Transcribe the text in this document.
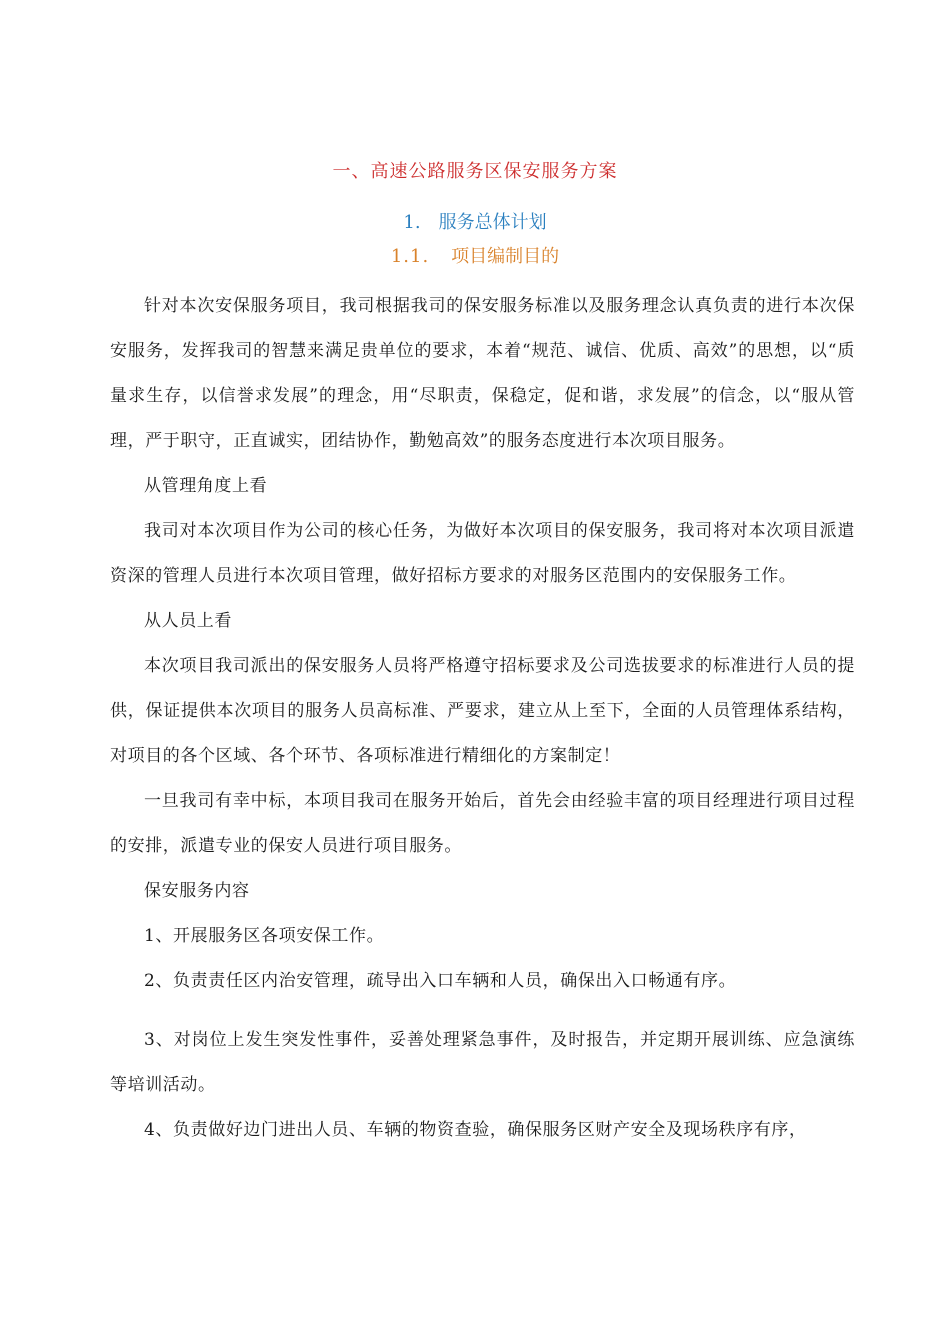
一、高速公路服务区保安服务方案
1. 服务总体计划
1.1. 项目编制目的

针对本次安保服务项目，我司根据我司的保安服务标准以及服务理念认真负责的进行本次保安服务，发挥我司的智慧来满足贵单位的要求，本着“规范、诚信、优质、高效”的思想，以“质量求生存，以信誉求发展”的理念，用“尽职责，保稳定，促和谐，求发展”的信念，以“服从管理，严于职守，正直诚实，团结协作，勤勉高效”的服务态度进行本次项目服务。

从管理角度上看

我司对本次项目作为公司的核心任务，为做好本次项目的保安服务，我司将对本次项目派遣资深的管理人员进行本次项目管理，做好招标方要求的对服务区范围内的安保服务工作。

从人员上看

本次项目我司派出的保安服务人员将严格遵守招标要求及公司选拔要求的标准进行人员的提供，保证提供本次项目的服务人员高标准、严要求，建立从上至下，全面的人员管理体系结构，对项目的各个区域、各个环节、各项标准进行精细化的方案制定！

一旦我司有幸中标，本项目我司在服务开始后，首先会由经验丰富的项目经理进行项目过程的安排，派遣专业的保安人员进行项目服务。

保安服务内容

1、开展服务区各项安保工作。

2、负责责任区内治安管理，疏导出入口车辆和人员，确保出入口畅通有序。

3、对岗位上发生突发性事件，妥善处理紧急事件，及时报告，并定期开展训练、应急演练等培训活动。

4、负责做好边门进出人员、车辆的物资查验，确保服务区财产安全及现场秩序有序，
